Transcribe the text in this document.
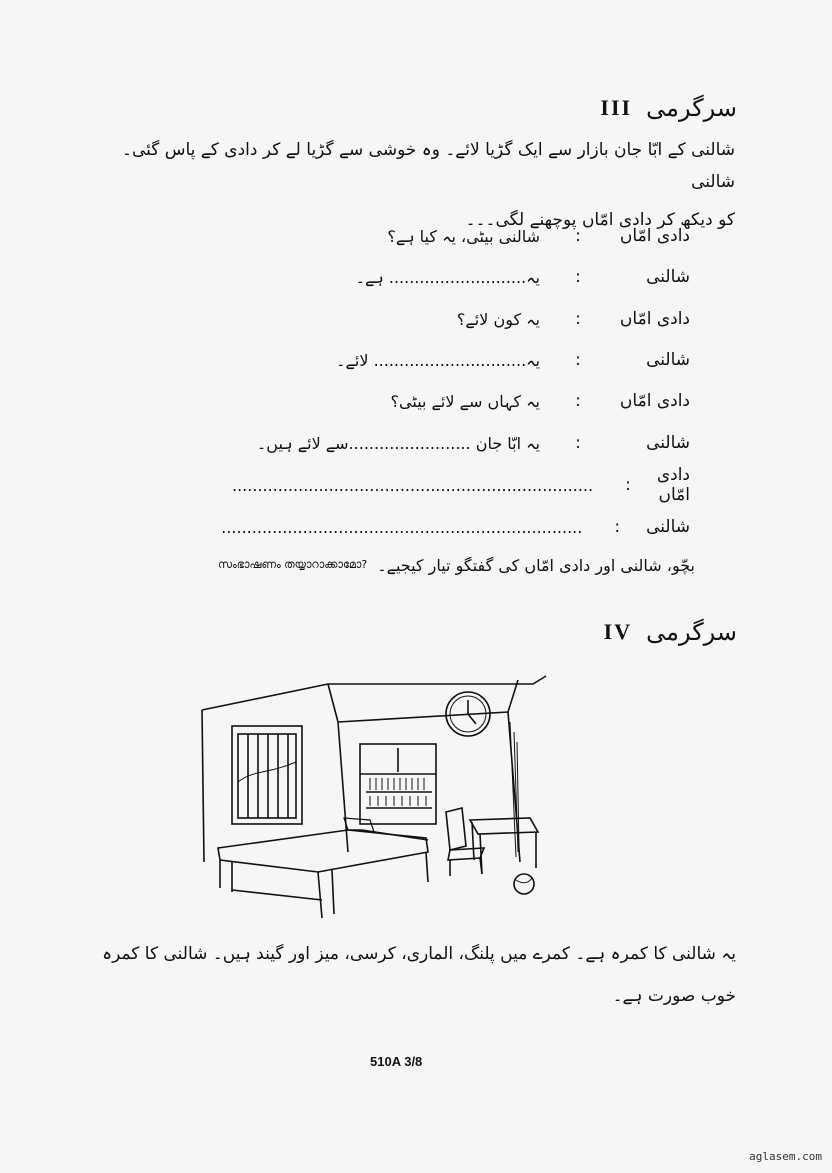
سرگرمی
III
شالنی کے ابّا جان بازار سے ایک گڑیا لائے۔ وہ خوشی سے گڑیا لے کر دادی کے پاس گئی۔ شالنی
کو دیکھ کر دادی امّاں پوچھنے لگی۔۔۔
دادی امّاں
:
شالنی بیٹی، یہ کیا ہے؟
شالنی
:
یہ........................... ہے۔
دادی امّاں
:
یہ کون لائے؟
شالنی
:
یہ.............................. لائے۔
دادی امّاں
:
یہ کہاں سے لائے بیٹی؟
شالنی
:
یہ ابّا جان ........................سے لائے ہیں۔
دادی امّاں
:
.......................................................................
شالنی
:
.......................................................................
സംഭാഷണം തയ്യാറാക്കാമോ? بچّو، شالنی اور دادی امّاں کی گفتگو تیار کیجیے۔
سرگرمی
IV
یہ شالنی کا کمرہ ہے۔ کمرے میں پلنگ، الماری، کرسی، میز اور گیند ہیں۔ شالنی کا کمرہ
خوب صورت ہے۔
510A 3/8
aglasem.com
